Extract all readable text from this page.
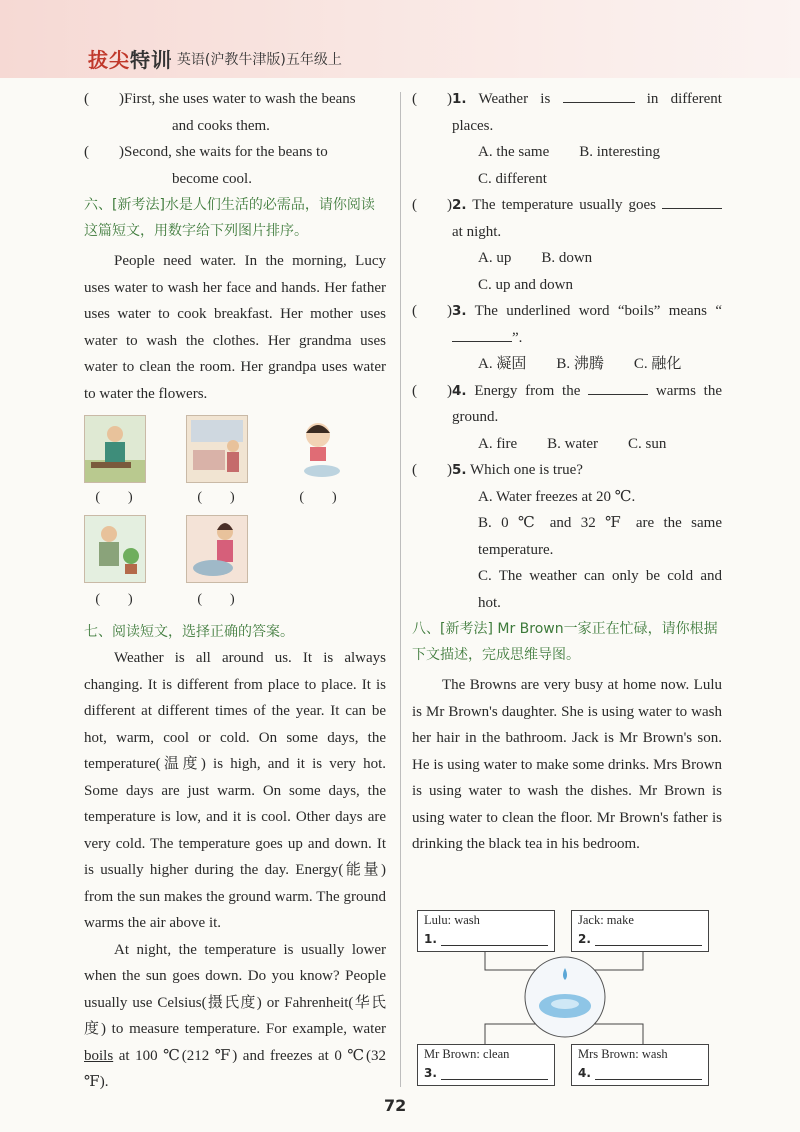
拔尖特训
· 英语(沪教牛津版)五年级上
(　　) First, she uses water to wash the beans
and cooks them.
(　　) Second, she waits for the beans to
become cool.
六、[新考法]水是人们生活的必需品，请你阅读这篇短文，用数字给下列图片排序。

People need water. In the morning, Lucy uses water to wash her face and hands. Her father uses water to cook breakfast. Her mother uses water to wash the clothes. Her grandma uses water to clean the room. Her grandpa uses water to water the flowers.

(　　)	(　　)	(　　)
(　　)	(　　)
七、阅读短文，选择正确的答案。

Weather is all around us. It is always changing. It is different from place to place. It is different at different times of the year. It can be hot, warm, cool or cold. On some days, the temperature(温度) is high, and it is very hot. Some days are just warm. On some days, the temperature is low, and it is cool. Other days are very cold. The temperature goes up and down. It is usually higher during the day. Energy(能量) from the sun makes the ground warm. The ground warms the air above it.

At night, the temperature is usually lower when the sun goes down. Do you know? People usually use Celsius(摄氏度) or Fahrenheit(华氏度) to measure temperature. For example, water boils at 100 ℃(212 ℉) and freezes at 0 ℃(32 ℉).

(　　) 1. Weather is	in different places.
A. the same B. interesting
C. different
(　　) 2. The temperature usually goes  at night.
A. up B. down
C. up and down
(　　) 3. The underlined word “boils” means “”.
A. 凝固 B. 沸腾 C. 融化
(　　) 4. Energy from the	warms the ground.
A. fire B. water C. sun
(　　) 5. Which one is true?
A. Water freezes at 20 ℃.
B. 0 ℃ and 32 ℉ are the same temperature.
C. The weather can only be cold and hot.
八、[新考法] Mr Brown一家正在忙碌，请你根据下文描述，完成思维导图。

The Browns are very busy at home now. Lulu is Mr Brown's daughter. She is using water to wash her hair in the bathroom. Jack is Mr Brown's son. He is using water to make some drinks. Mrs Brown is using water to wash the dishes. Mr Brown is using water to clean the floor. Mr Brown's father is drinking the black tea in his bedroom.

Lulu: wash
1.
Jack: make
2.
Mr Brown: clean
3.
Mrs Brown: wash
4.
72
